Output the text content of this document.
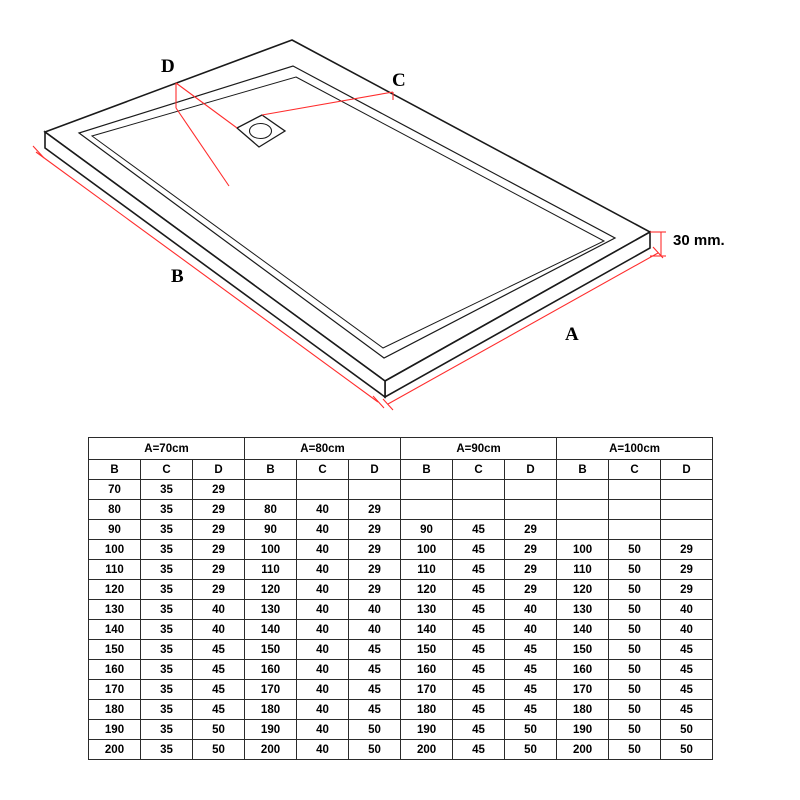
D
C
B
A
30 mm.
A=70cm			A=80cm			A=90cm			A=100cm		
B	C	D	B	C	D	B	C	D	B	C	D
70	35	29									
80	35	29	80	40	29						
90	35	29	90	40	29	90	45	29			
100	35	29	100	40	29	100	45	29	100	50	29
110	35	29	110	40	29	110	45	29	110	50	29
120	35	29	120	40	29	120	45	29	120	50	29
130	35	40	130	40	40	130	45	40	130	50	40
140	35	40	140	40	40	140	45	40	140	50	40
150	35	45	150	40	45	150	45	45	150	50	45
160	35	45	160	40	45	160	45	45	160	50	45
170	35	45	170	40	45	170	45	45	170	50	45
180	35	45	180	40	45	180	45	45	180	50	45
190	35	50	190	40	50	190	45	50	190	50	50
200	35	50	200	40	50	200	45	50	200	50	50
